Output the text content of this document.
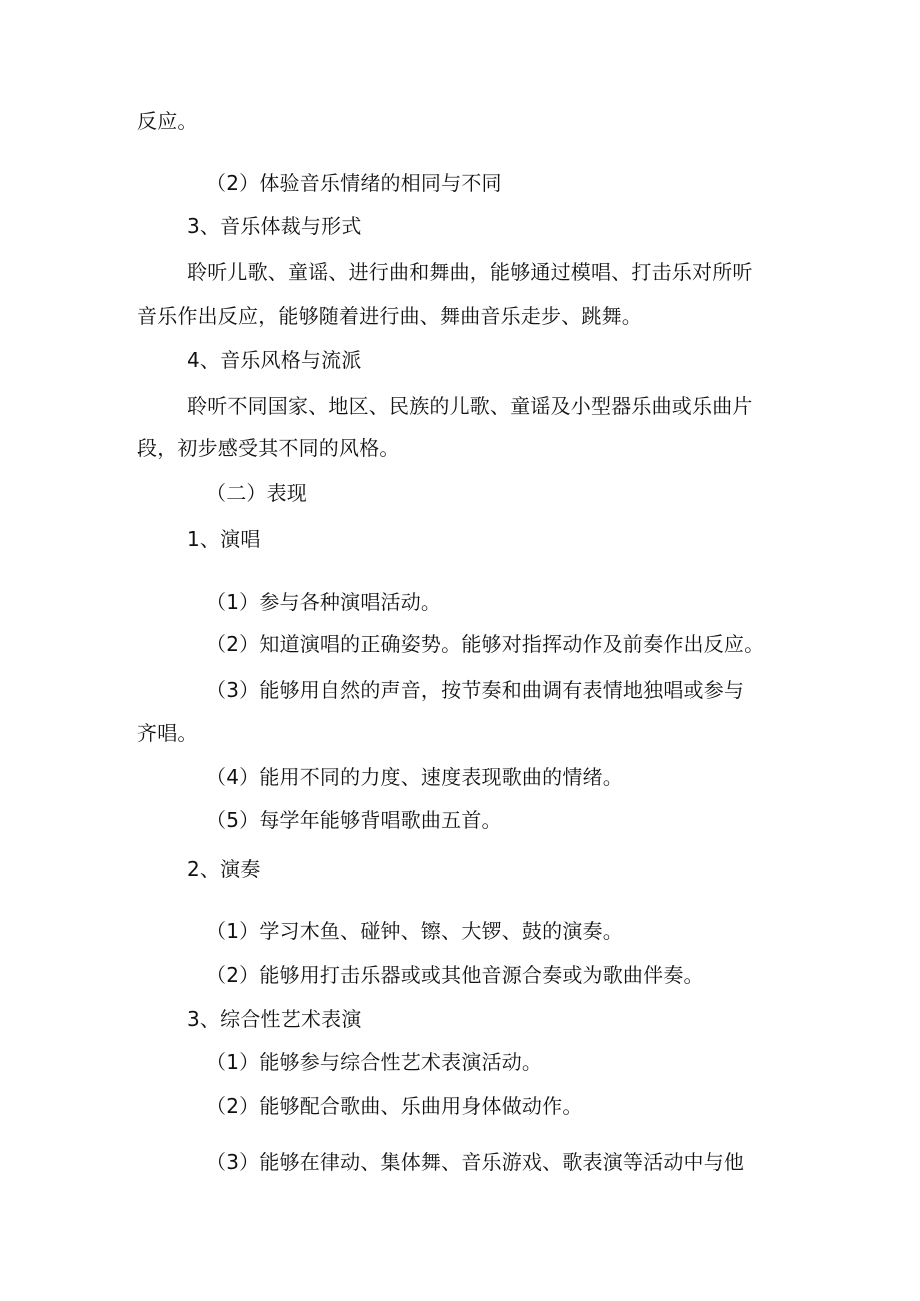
反应。
（2）体验音乐情绪的相同与不同
3、音乐体裁与形式
聆听儿歌、童谣、进行曲和舞曲，能够通过模唱、打击乐对所听
音乐作出反应，能够随着进行曲、舞曲音乐走步、跳舞。
4、音乐风格与流派
聆听不同国家、地区、民族的儿歌、童谣及小型器乐曲或乐曲片
段，初步感受其不同的风格。
（二）表现
1、演唱
（1）参与各种演唱活动。
（2）知道演唱的正确姿势。能够对指挥动作及前奏作出反应。
（3）能够用自然的声音，按节奏和曲调有表情地独唱或参与
齐唱。
（4）能用不同的力度、速度表现歌曲的情绪。
（5）每学年能够背唱歌曲五首。
2、演奏
（1）学习木鱼、碰钟、镲、大锣、鼓的演奏。
（2）能够用打击乐器或或其他音源合奏或为歌曲伴奏。
3、综合性艺术表演
（1）能够参与综合性艺术表演活动。
（2）能够配合歌曲、乐曲用身体做动作。
（3）能够在律动、集体舞、音乐游戏、歌表演等活动中与他
